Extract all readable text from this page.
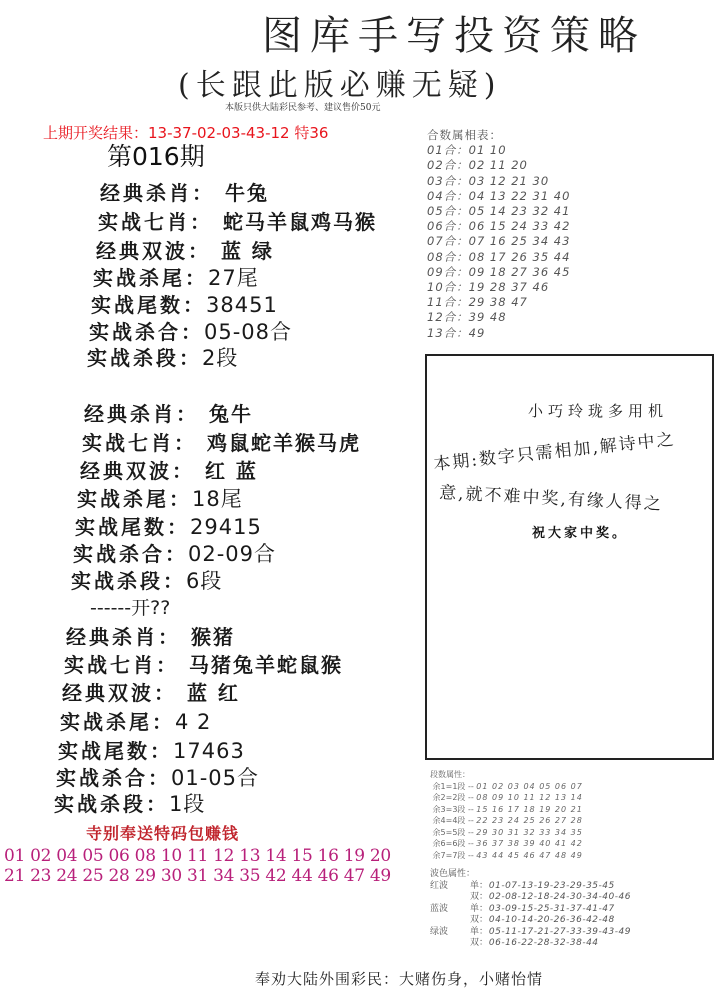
图库手写投资策略
(长跟此版必赚无疑)
本版只供大陆彩民参考、建议售价50元
上期开奖结果：13-37-02-03-43-12 特36
第016期
经典杀肖： 牛兔
实战七肖： 蛇马羊鼠鸡马猴
经典双波： 蓝 绿
实战杀尾：27尾
实战尾数：38451
实战杀合：05-08合
实战杀段：2段
经典杀肖： 兔牛
实战七肖： 鸡鼠蛇羊猴马虎
经典双波： 红 蓝
实战杀尾：18尾
实战尾数：29415
实战杀合：02-09合
实战杀段：6段
------开??
经典杀肖： 猴猪
实战七肖： 马猪兔羊蛇鼠猴
经典双波： 蓝 红
实战杀尾：4 2
实战尾数：17463
实战杀合：01-05合
实战杀段：1段
合数属相表：
01合：01 10
02合：02 11 20
03合：03 12 21 30
04合：04 13 22 31 40
05合：05 14 23 32 41
06合：06 15 24 33 42
07合：07 16 25 34 43
08合：08 17 26 35 44
09合：09 18 27 36 45
10合：19 28 37 46
11合：29 38 47
12合：39 48
13合：49
小巧玲珑多用机
本期:数字只需相加,解诗中之
意,就不难中奖,有缘人得之
祝大家中奖。
寺别奉送特码包赚钱
01 02 04 05 06 08 10 11 12 13 14 15 16 19 20
21 23 24 25 28 29 30 31 34 35 42 44 46 47 49
段数属性：
余1=1段 -- 01 02 03 04 05 06 07
余2=2段 -- 08 09 10 11 12 13 14
余3=3段 -- 15 16 17 18 19 20 21
余4=4段 -- 22 23 24 25 26 27 28
余5=5段 -- 29 30 31 32 33 34 35
余6=6段 -- 36 37 38 39 40 41 42
余7=7段 -- 43 44 45 46 47 48 49
波色属性：
红波 单： 01-07-13-19-23-29-35-45
双： 02-08-12-18-24-30-34-40-46
蓝波 单： 03-09-15-25-31-37-41-47
双： 04-10-14-20-26-36-42-48
绿波 单： 05-11-17-21-27-33-39-43-49
双： 06-16-22-28-32-38-44
奉劝大陆外围彩民：大赌伤身，小赌怡情
